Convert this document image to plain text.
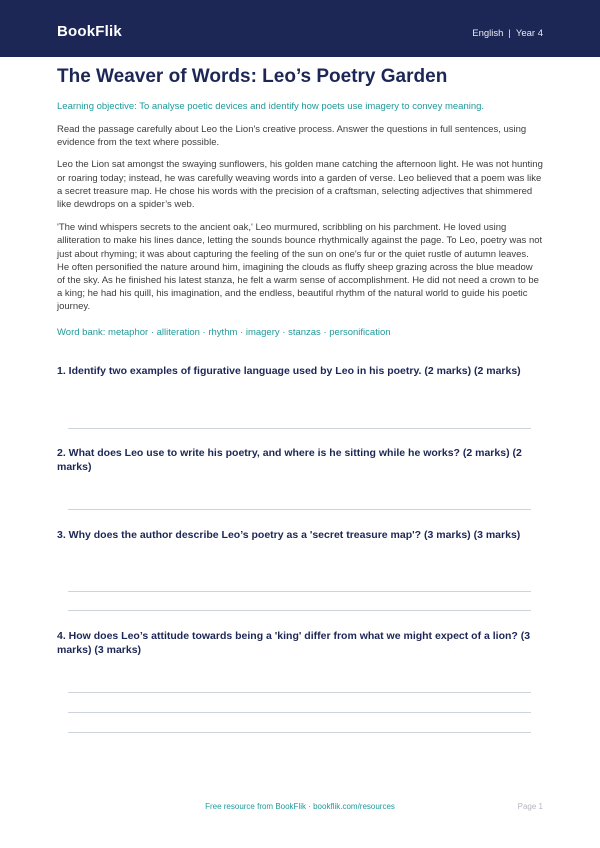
BookFlik	English | Year 4
The Weaver of Words: Leo’s Poetry Garden

Learning objective: To analyse poetic devices and identify how poets use imagery to convey meaning.

Read the passage carefully about Leo the Lion's creative process. Answer the questions in full sentences, using evidence from the text where possible.

Leo the Lion sat amongst the swaying sunflowers, his golden mane catching the afternoon light. He was not hunting or roaring today; instead, he was carefully weaving words into a garden of verse. Leo believed that a poem was like a secret treasure map. He chose his words with the precision of a craftsman, selecting adjectives that shimmered like dewdrops on a spider’s web.

'The wind whispers secrets to the ancient oak,' Leo murmured, scribbling on his parchment. He loved using alliteration to make his lines dance, letting the sounds bounce rhythmically against the page. To Leo, poetry was not just about rhyming; it was about capturing the feeling of the sun on one's fur or the quiet rustle of autumn leaves. He often personified the nature around him, imagining the clouds as fluffy sheep grazing across the blue meadow of the sky. As he finished his latest stanza, he felt a warm sense of accomplishment. He did not need a crown to be a king; he had his quill, his imagination, and the endless, beautiful rhythm of the natural world to guide his poetic journey.

Word bank: metaphor · alliteration · rhythm · imagery · stanzas · personification

1. Identify two examples of figurative language used by Leo in his poetry. (2 marks) (2 marks)
2. What does Leo use to write his poetry, and where is he sitting while he works? (2 marks) (2 marks)
3. Why does the author describe Leo’s poetry as a 'secret treasure map'? (3 marks) (3 marks)
4. How does Leo’s attitude towards being a 'king' differ from what we might expect of a lion? (3 marks) (3 marks)
Free resource from BookFlik · bookflik.com/resources	Page 1
